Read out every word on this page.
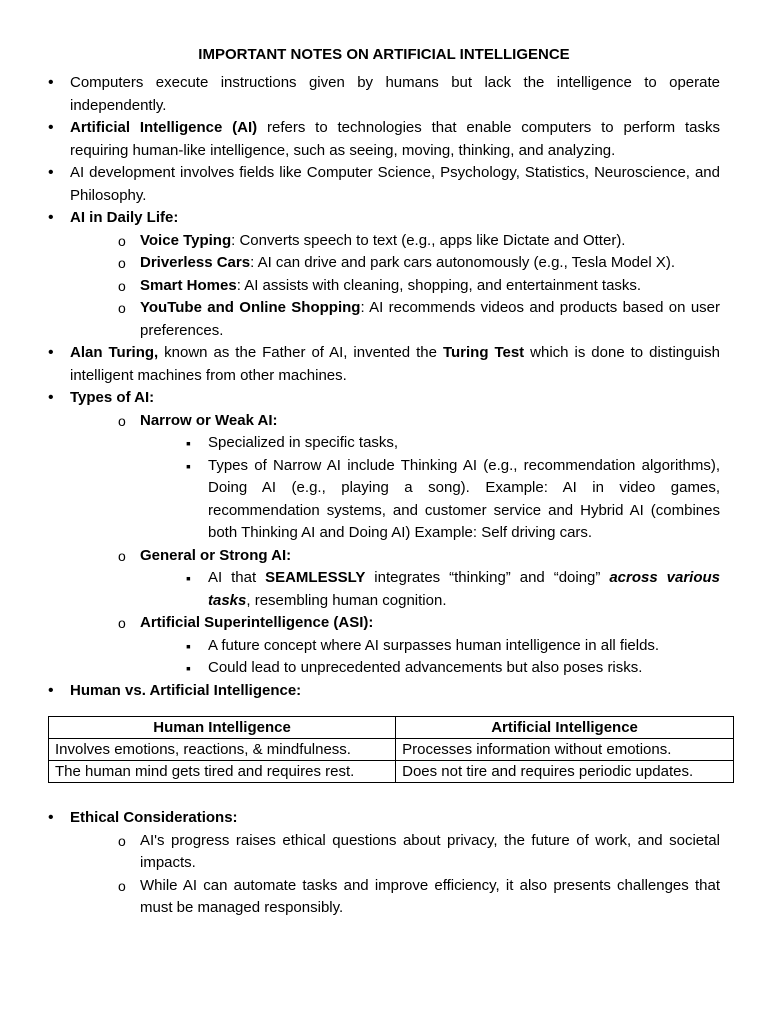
IMPORTANT NOTES ON ARTIFICIAL INTELLIGENCE
• Computers execute instructions given by humans but lack the intelligence to operate independently.
• Artificial Intelligence (AI) refers to technologies that enable computers to perform tasks requiring human-like intelligence, such as seeing, moving, thinking, and analyzing.
• AI development involves fields like Computer Science, Psychology, Statistics, Neuroscience, and Philosophy.
• AI in Daily Life:
o Voice Typing: Converts speech to text (e.g., apps like Dictate and Otter).
o Driverless Cars: AI can drive and park cars autonomously (e.g., Tesla Model X).
o Smart Homes: AI assists with cleaning, shopping, and entertainment tasks.
o YouTube and Online Shopping: AI recommends videos and products based on user preferences.
• Alan Turing, known as the Father of AI, invented the Turing Test which is done to distinguish intelligent machines from other machines.
• Types of AI:
o Narrow or Weak AI:
▪ Specialized in specific tasks,
▪ Types of Narrow AI include Thinking AI (e.g., recommendation algorithms), Doing AI (e.g., playing a song). Example: AI in video games, recommendation systems, and customer service and Hybrid AI (combines both Thinking AI and Doing AI) Example: Self driving cars.
o General or Strong AI:
▪ AI that SEAMLESSLY integrates “thinking” and “doing” across various tasks, resembling human cognition.
o Artificial Superintelligence (ASI):
▪ A future concept where AI surpasses human intelligence in all fields.
▪ Could lead to unprecedented advancements but also poses risks.
• Human vs. Artificial Intelligence:
Human Intelligence	Artificial Intelligence
Involves emotions, reactions, & mindfulness.	Processes information without emotions.
The human mind gets tired and requires rest.	Does not tire and requires periodic updates.
• Ethical Considerations:
o AI's progress raises ethical questions about privacy, the future of work, and societal impacts.
o While AI can automate tasks and improve efficiency, it also presents challenges that must be managed responsibly.
